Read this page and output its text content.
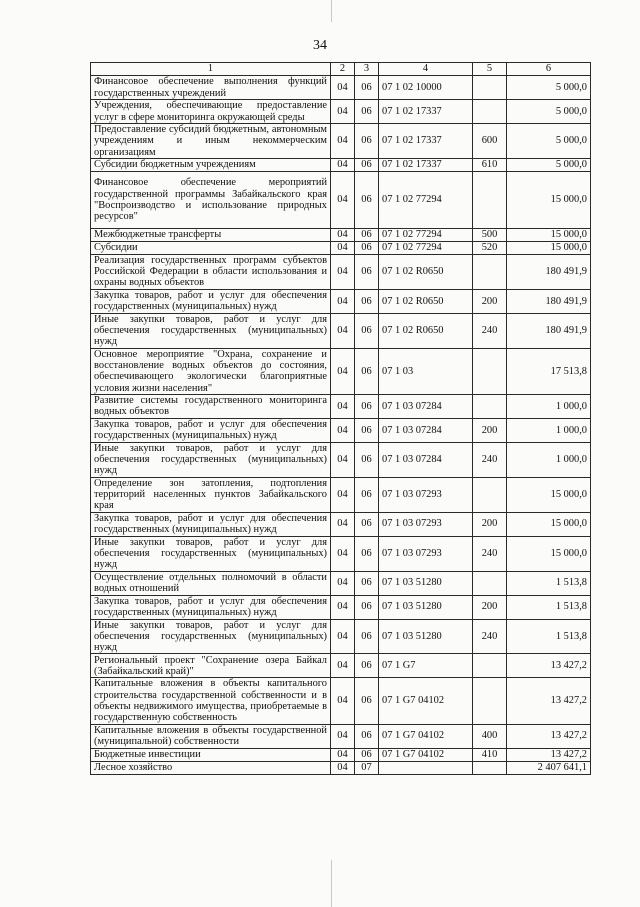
34
1	2	3	4	5	6
Финансовое обеспечение выполнения функций государственных учреждений	04	06	07 1 02 10000		5 000,0
Учреждения, обеспечивающие предоставление услуг в сфере мониторинга окружающей среды	04	06	07 1 02 17337		5 000,0
Предоставление субсидий бюджетным, автономным учреждениям и иным некоммерческим организациям	04	06	07 1 02 17337	600	5 000,0
Субсидии бюджетным учреждениям	04	06	07 1 02 17337	610	5 000,0
Финансовое обеспечение мероприятий государственной программы Забайкальского края "Воспроизводство и использование природных ресурсов"	04	06	07 1 02 77294		15 000,0
Межбюджетные трансферты	04	06	07 1 02 77294	500	15 000,0
Субсидии	04	06	07 1 02 77294	520	15 000,0
Реализация государственных программ субъектов Российской Федерации в области использования и охраны водных объектов	04	06	07 1 02 R0650		180 491,9
Закупка товаров, работ и услуг для обеспечения государственных (муниципальных) нужд	04	06	07 1 02 R0650	200	180 491,9
Иные закупки товаров, работ и услуг для обеспечения государственных (муниципальных) нужд	04	06	07 1 02 R0650	240	180 491,9
Основное мероприятие "Охрана, сохранение и восстановление водных объектов до состояния, обеспечивающего экологически благоприятные условия жизни населения"	04	06	07 1 03		17 513,8
Развитие системы государственного мониторинга водных объектов	04	06	07 1 03 07284		1 000,0
Закупка товаров, работ и услуг для обеспечения государственных (муниципальных) нужд	04	06	07 1 03 07284	200	1 000,0
Иные закупки товаров, работ и услуг для обеспечения государственных (муниципальных) нужд	04	06	07 1 03 07284	240	1 000,0
Определение зон затопления, подтопления территорий населенных пунктов Забайкальского края	04	06	07 1 03 07293		15 000,0
Закупка товаров, работ и услуг для обеспечения государственных (муниципальных) нужд	04	06	07 1 03 07293	200	15 000,0
Иные закупки товаров, работ и услуг для обеспечения государственных (муниципальных) нужд	04	06	07 1 03 07293	240	15 000,0
Осуществление отдельных полномочий в области водных отношений	04	06	07 1 03 51280		1 513,8
Закупка товаров, работ и услуг для обеспечения государственных (муниципальных) нужд	04	06	07 1 03 51280	200	1 513,8
Иные закупки товаров, работ и услуг для обеспечения государственных (муниципальных) нужд	04	06	07 1 03 51280	240	1 513,8
Региональный проект "Сохранение озера Байкал (Забайкальский край)"	04	06	07 1 G7		13 427,2
Капитальные вложения в объекты капитального строительства государственной собственности и в объекты недвижимого имущества, приобретаемые в государственную собственность	04	06	07 1 G7 04102		13 427,2
Капитальные вложения в объекты государственной (муниципальной) собственности	04	06	07 1 G7 04102	400	13 427,2
Бюджетные инвестиции	04	06	07 1 G7 04102	410	13 427,2
Лесное хозяйство	04	07			2 407 641,1
